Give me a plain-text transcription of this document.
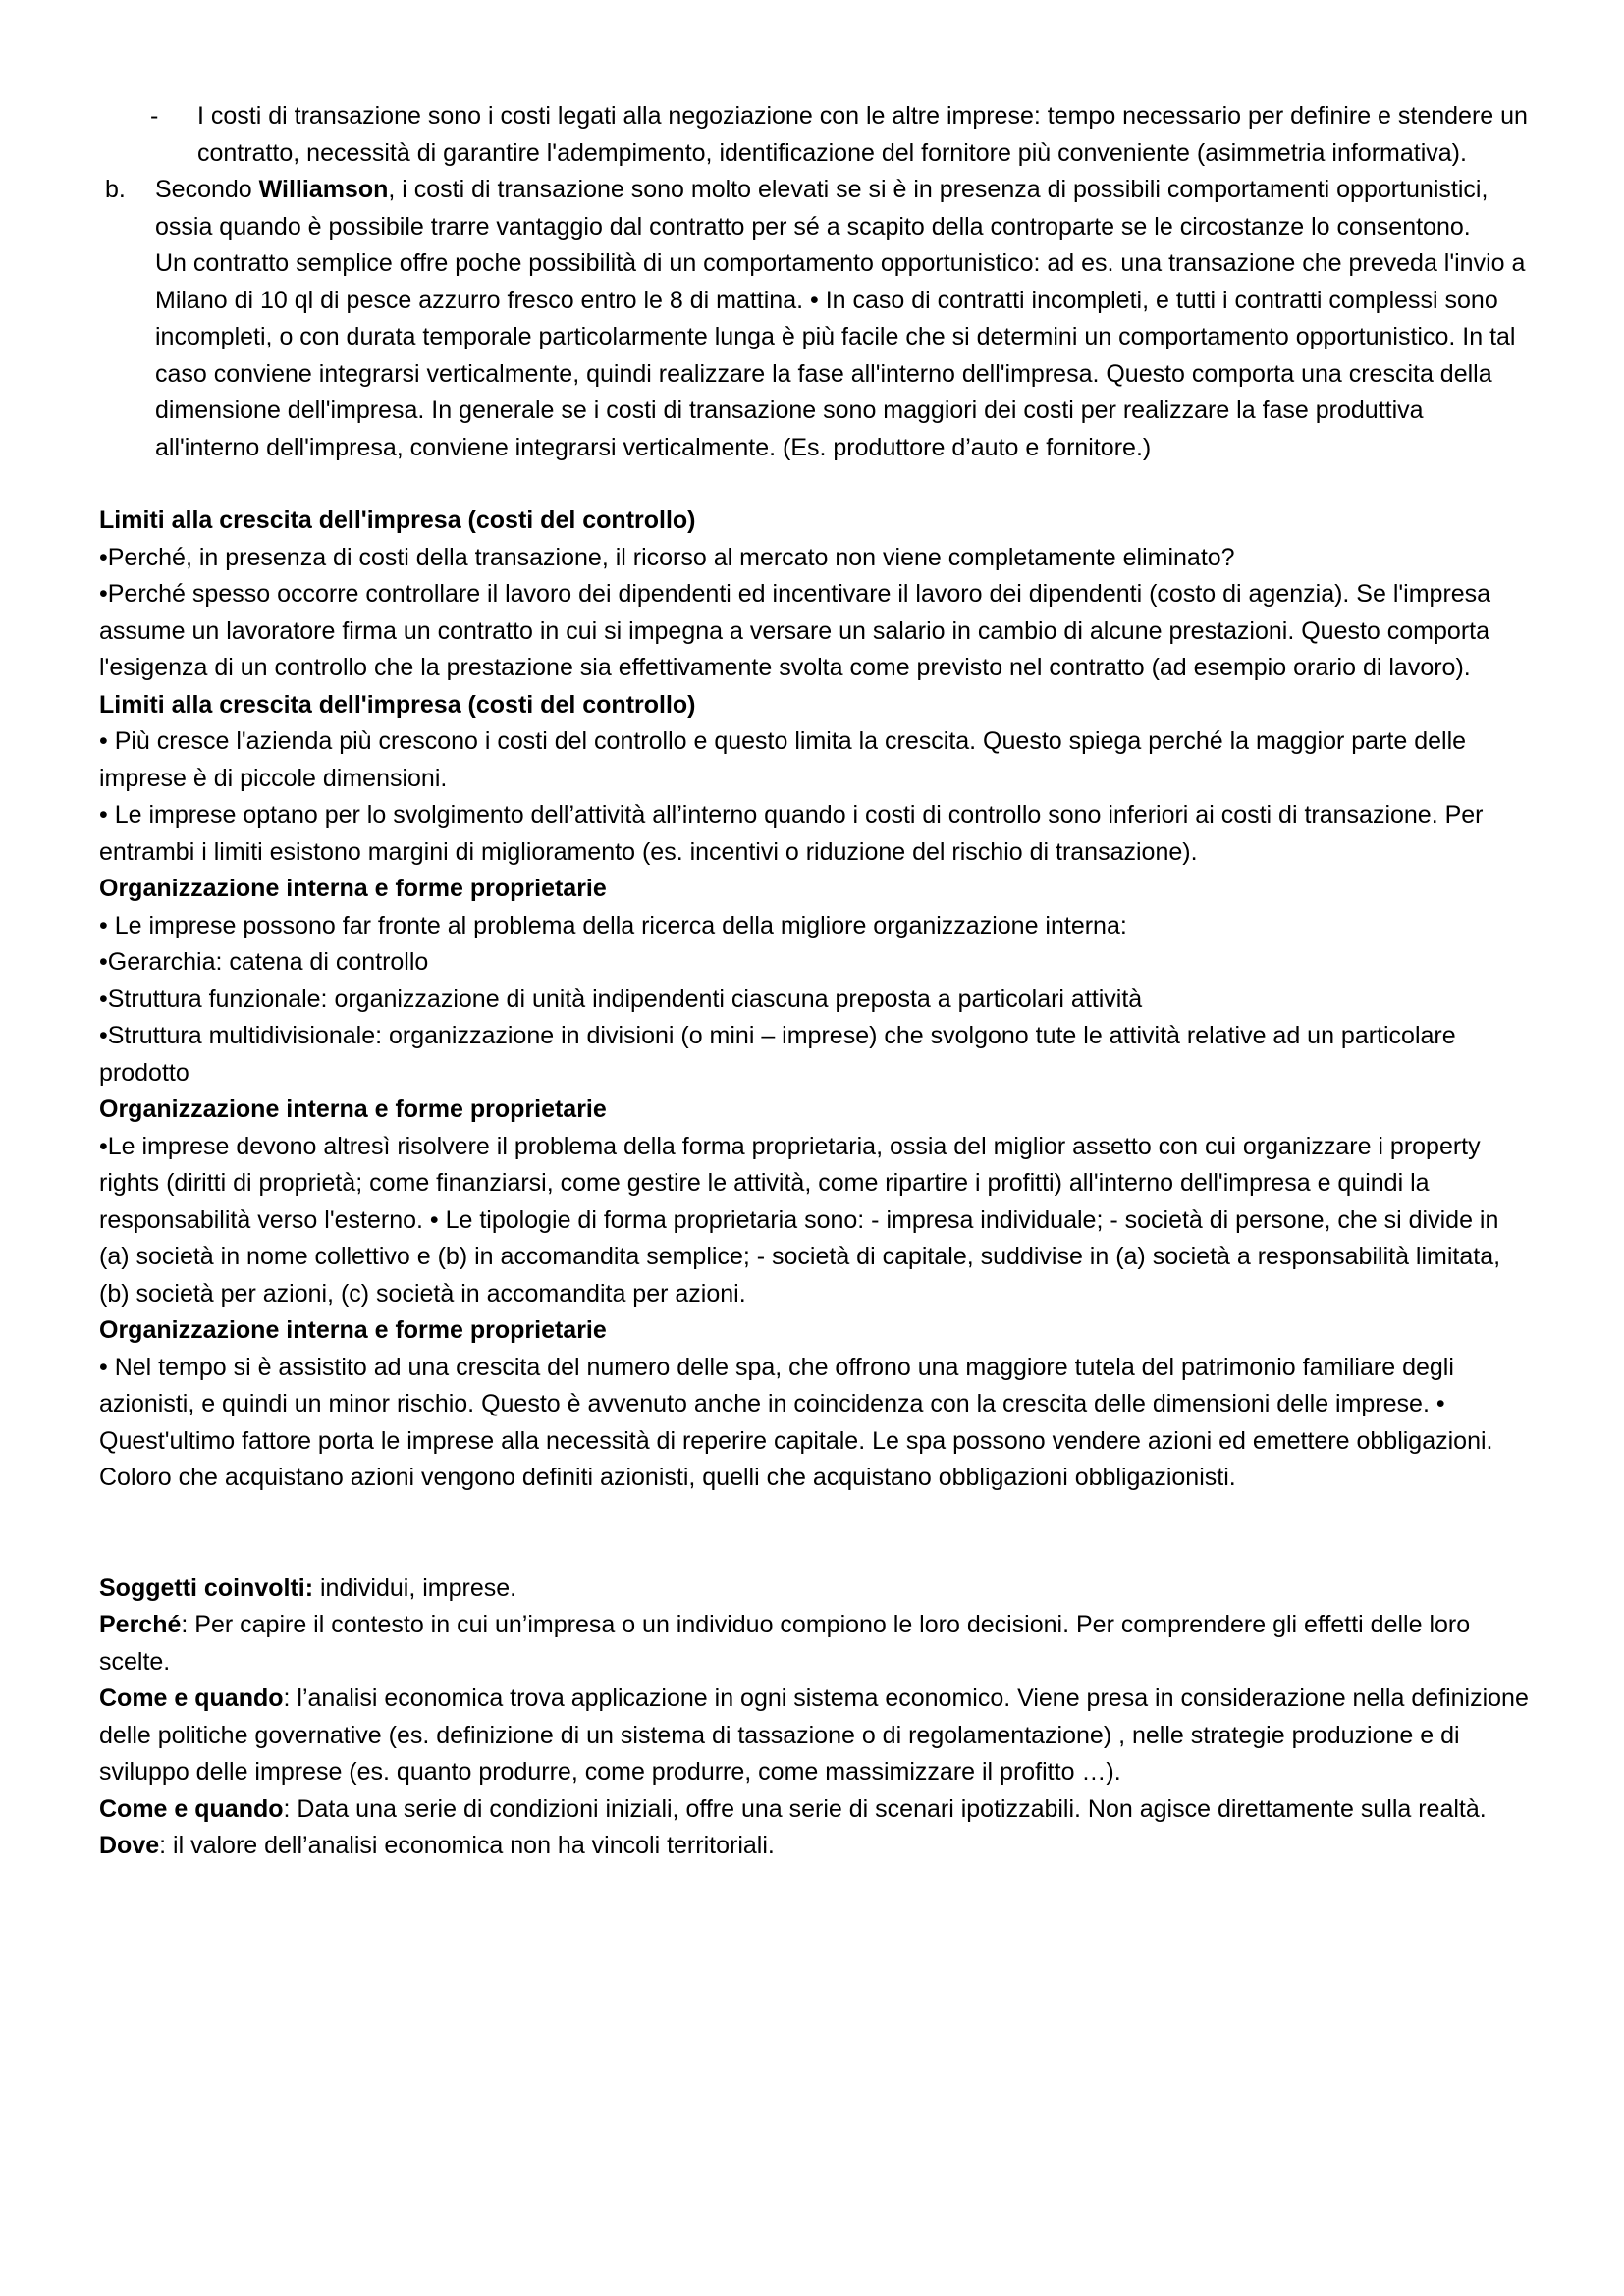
- I costi di transazione sono i costi legati alla negoziazione con le altre imprese: tempo necessario per definire e stendere un contratto, necessità di garantire l'adempimento, identificazione del fornitore più conveniente (asimmetria informativa).

b. Secondo Williamson, i costi di transazione sono molto elevati se si è in presenza di possibili comportamenti opportunistici, ossia quando è possibile trarre vantaggio dal contratto per sé a scapito della controparte se le circostanze lo consentono.

Un contratto semplice offre poche possibilità di un comportamento opportunistico: ad es. una transazione che preveda l'invio a Milano di 10 ql di pesce azzurro fresco entro le 8 di mattina. • In caso di contratti incompleti, e tutti i contratti complessi sono incompleti, o con durata temporale particolarmente lunga è più facile che si determini un comportamento opportunistico. In tal caso conviene integrarsi verticalmente, quindi realizzare la fase all'interno dell'impresa. Questo comporta una crescita della dimensione dell'impresa. In generale se i costi di transazione sono maggiori dei costi per realizzare la fase produttiva all'interno dell'impresa, conviene integrarsi verticalmente. (Es. produttore d’auto e fornitore.)

Limiti alla crescita dell'impresa (costi del controllo)

•Perché, in presenza di costi della transazione, il ricorso al mercato non viene completamente eliminato?

•Perché spesso occorre controllare il lavoro dei dipendenti ed incentivare il lavoro dei dipendenti (costo di agenzia). Se l'impresa assume un lavoratore firma un contratto in cui si impegna a versare un salario in cambio di alcune prestazioni. Questo comporta l'esigenza di un controllo che la prestazione sia effettivamente svolta come previsto nel contratto (ad esempio orario di lavoro).

Limiti alla crescita dell'impresa (costi del controllo)

• Più cresce l'azienda più crescono i costi del controllo e questo limita la crescita. Questo spiega perché la maggior parte delle imprese è di piccole dimensioni.

• Le imprese optano per lo svolgimento dell’attività all’interno quando i costi di controllo sono inferiori ai costi di transazione. Per entrambi i limiti esistono margini di miglioramento (es. incentivi o riduzione del rischio di transazione).

Organizzazione interna e forme proprietarie

• Le imprese possono far fronte al problema della ricerca della migliore organizzazione interna:

•Gerarchia: catena di controllo

•Struttura funzionale: organizzazione di unità indipendenti ciascuna preposta a particolari attività

•Struttura multidivisionale: organizzazione in divisioni (o mini – imprese) che svolgono tute le attività relative ad un particolare prodotto

Organizzazione interna e forme proprietarie

•Le imprese devono altresì risolvere il problema della forma proprietaria, ossia del miglior assetto con cui organizzare i property rights (diritti di proprietà; come finanziarsi, come gestire le attività, come ripartire i profitti) all'interno dell'impresa e quindi la responsabilità verso l'esterno. • Le tipologie di forma proprietaria sono: - impresa individuale; - società di persone, che si divide in (a) società in nome collettivo e (b) in accomandita semplice; - società di capitale, suddivise in (a) società a responsabilità limitata, (b) società per azioni, (c) società in accomandita per azioni.

Organizzazione interna e forme proprietarie

• Nel tempo si è assistito ad una crescita del numero delle spa, che offrono una maggiore tutela del patrimonio familiare degli azionisti, e quindi un minor rischio. Questo è avvenuto anche in coincidenza con la crescita delle dimensioni delle imprese. • Quest'ultimo fattore porta le imprese alla necessità di reperire capitale. Le spa possono vendere azioni ed emettere obbligazioni. Coloro che acquistano azioni vengono definiti azionisti, quelli che acquistano obbligazioni obbligazionisti.

Soggetti coinvolti: individui, imprese.

Perché: Per capire il contesto in cui un’impresa o un individuo compiono le loro decisioni. Per comprendere gli effetti delle loro scelte.

Come e quando: l’analisi economica trova applicazione in ogni sistema economico. Viene presa in considerazione nella definizione delle politiche governative (es. definizione di un sistema di tassazione o di regolamentazione) , nelle strategie produzione e di sviluppo delle imprese (es. quanto produrre, come produrre, come massimizzare il profitto …).

Come e quando: Data una serie di condizioni iniziali, offre una serie di scenari ipotizzabili. Non agisce direttamente sulla realtà.

Dove: il valore dell’analisi economica non ha vincoli territoriali.
